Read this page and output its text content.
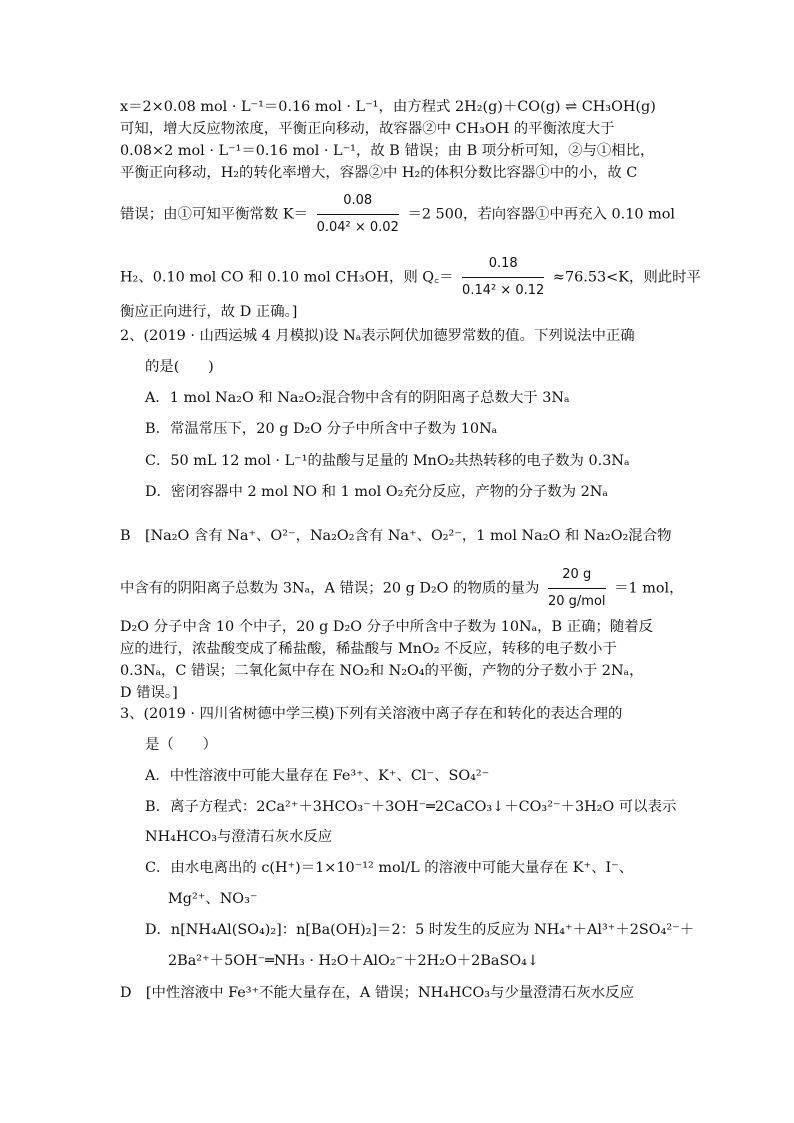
x＝2×0.08 mol · L⁻¹＝0.16 mol · L⁻¹，由方程式 2H₂(g)＋CO(g) ⇌ CH₃OH(g)
可知，增大反应物浓度，平衡正向移动，故容器②中 CH₃OH 的平衡浓度大于
0.08×2 mol · L⁻¹＝0.16 mol · L⁻¹，故 B 错误；由 B 项分析可知，②与①相比，
平衡正向移动，H₂的转化率增大，容器②中 H₂的体积分数比容器①中的小，故 C
错误；由①可知平衡常数 $K= \frac{0.08}{\text{0.04² × 0.02}} =2$ 500，若向容器①中再充入 0.10 mol
H₂、0.10 mol CO 和 0.10 mol CH₃OH，则 Q꜀＝ $\frac{0.18}{\text{0.14² × 0.12}} \approx 76.53<K$，则此时平
衡应正向进行，故 D 正确。]
2、(2019 · 山西运城 4 月模拟)设 Nₐ表示阿伏加德罗常数的值。下列说法中正确
的是(　　)
A．1 mol Na₂O 和 Na₂O₂混合物中含有的阴阳离子总数大于 3Nₐ
B．常温常压下，20 g D₂O 分子中所含中子数为 10Nₐ
C．50 mL 12 mol · L⁻¹的盐酸与足量的 MnO₂共热转移的电子数为 0.3Nₐ
D．密闭容器中 2 mol NO 和 1 mol O₂充分反应，产物的分子数为 2Nₐ
B　[Na₂O 含有 Na⁺、O²⁻，Na₂O₂含有 Na⁺、O₂²⁻，1 mol Na₂O 和 Na₂O₂混合物
中含有的阴阳离子总数为 3Nₐ，A 错误；20 g D₂O 的物质的量为 $\frac{20 g}{\text{20 g/mol}} =1$ mol，
D₂O 分子中含 10 个中子，20 g D₂O 分子中所含中子数为 10Nₐ，B 正确；随着反
应的进行，浓盐酸变成了稀盐酸，稀盐酸与 MnO₂ 不反应，转移的电子数小于
0.3Nₐ，C 错误；二氧化氮中存在 NO₂和 N₂O₄的平衡，产物的分子数小于 2Nₐ，
D 错误。]
3、(2019 · 四川省树德中学三模)下列有关溶液中离子存在和转化的表达合理的
是（　　）
A．中性溶液中可能大量存在 Fe³⁺、K⁺、Cl⁻、SO₄²⁻
B．离子方程式：2Ca²⁺＋3HCO₃⁻＋3OH⁻═2CaCO₃↓＋CO₃²⁻＋3H₂O 可以表示
NH₄HCO₃与澄清石灰水反应
C．由水电离出的 c(H⁺)＝1×10⁻¹² mol/L 的溶液中可能大量存在 K⁺、I⁻、
Mg²⁺、NO₃⁻
D．n[NH₄Al(SO₄)₂]：n[Ba(OH)₂]＝2：5 时发生的反应为 NH₄⁺＋Al³⁺＋2SO₄²⁻＋
2Ba²⁺＋5OH⁻═NH₃ · H₂O＋AlO₂⁻＋2H₂O＋2BaSO₄↓
D　[中性溶液中 Fe³⁺不能大量存在，A 错误；NH₄HCO₃与少量澄清石灰水反应
